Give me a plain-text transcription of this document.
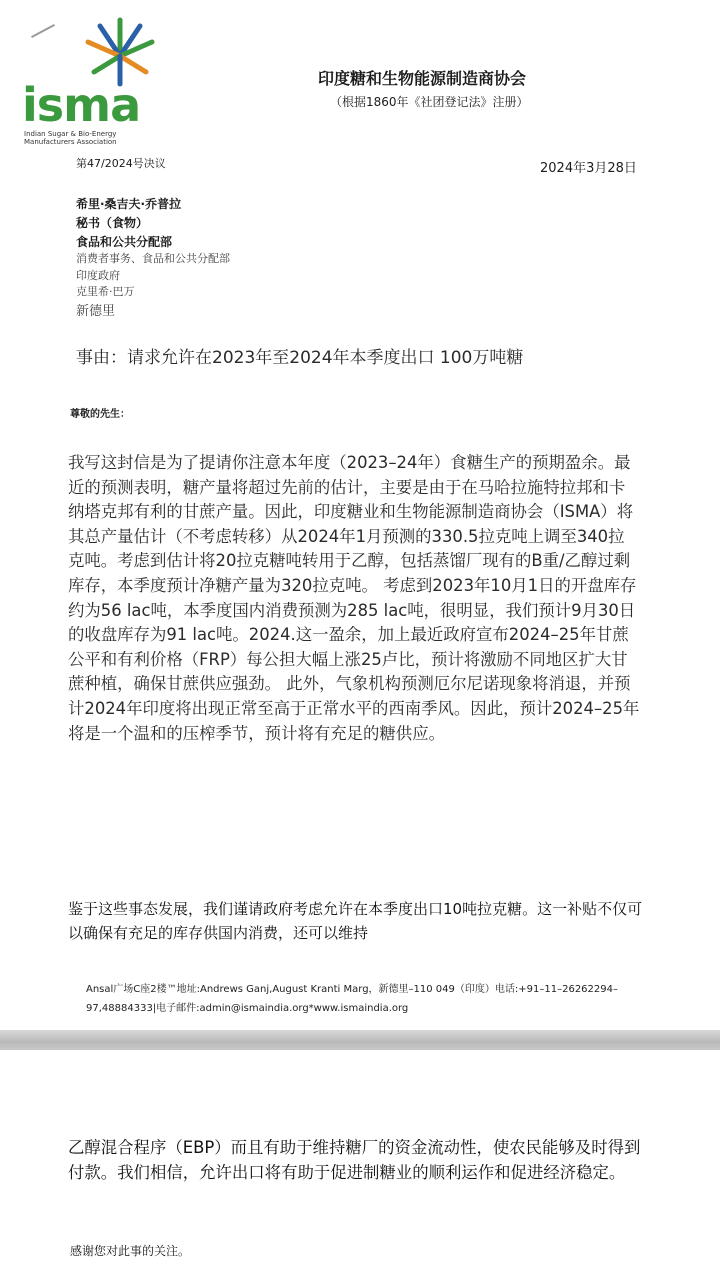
isma
Indian Sugar & Bio-Energy
Manufacturers Association
印度糖和生物能源制造商协会
（根据1860年《社团登记法》注册）
第47/2024号决议	2024年3月28日
希里·桑吉夫·乔普拉
秘书（食物）
食品和公共分配部
消费者事务、食品和公共分配部
印度政府
克里希·巴万
新德里
事由：请求允许在2023年至2024年本季度出口 100万吨糖
尊敬的先生：

我写这封信是为了提请你注意本年度（2023–24年）食糖生产的预期盈余。最近的预测表明，糖产量将超过先前的估计，主要是由于在马哈拉施特拉邦和卡纳塔克邦有利的甘蔗产量。因此，印度糖业和生物能源制造商协会（ISMA）将其总产量估计（不考虑转移）从2024年1月预测的330.5拉克吨上调至340拉克吨。考虑到估计将20拉克糖吨转用于乙醇，包括蒸馏厂现有的B重/乙醇过剩库存，本季度预计净糖产量为320拉克吨。 考虑到2023年10月1日的开盘库存约为56 lac吨，本季度国内消费预测为285 lac吨，很明显，我们预计9月30日的收盘库存为91 lac吨。2024.这一盈余，加上最近政府宣布2024–25年甘蔗公平和有利价格（FRP）每公担大幅上涨25卢比，预计将激励不同地区扩大甘蔗种植，确保甘蔗供应强劲。 此外，气象机构预测厄尔尼诺现象将消退，并预计2024年印度将出现正常至高于正常水平的西南季风。因此，预计2024–25年将是一个温和的压榨季节，预计将有充足的糖供应。

鉴于这些事态发展，我们谨请政府考虑允许在本季度出口10吨拉克糖。这一补贴不仅可以确保有充足的库存供国内消费，还可以维持

Ansal广场C座2楼™地址:Andrews Ganj,August Kranti Marg，新德里–110 049（印度）电话:+91–11–26262294–97,48884333|电子邮件:admin@ismaindia.org*www.ismaindia.org

乙醇混合程序（EBP）而且有助于维持糖厂的资金流动性，使农民能够及时得到付款。我们相信，允许出口将有助于促进制糖业的顺利运作和促进经济稳定。

感谢您对此事的关注。
